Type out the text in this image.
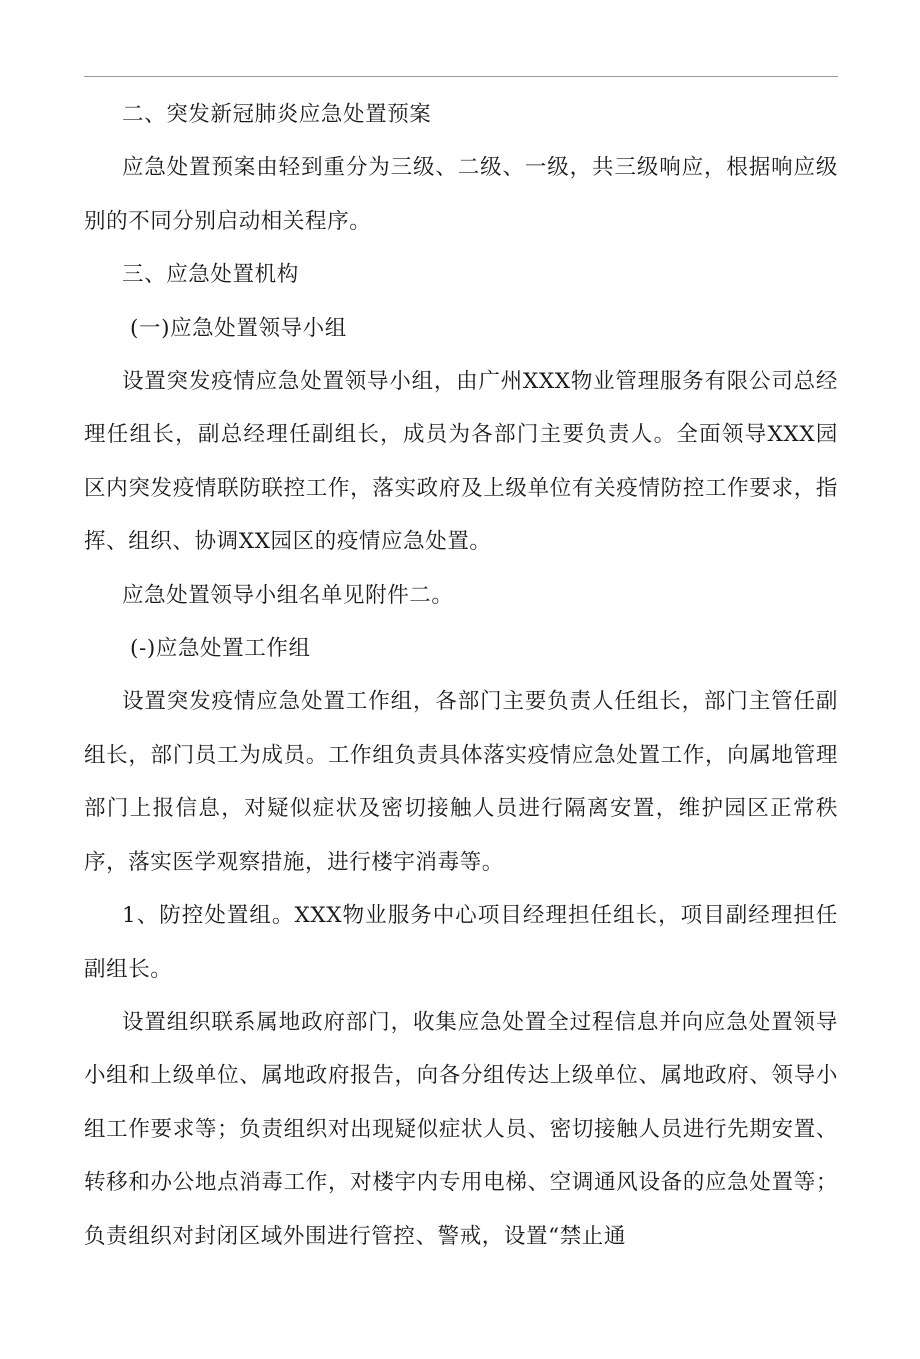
二、突发新冠肺炎应急处置预案

应急处置预案由轻到重分为三级、二级、一级，共三级响应，根据响应级别的不同分别启动相关程序。

三、应急处置机构

(一)应急处置领导小组

设置突发疫情应急处置领导小组，由广州XXX物业管理服务有限公司总经理任组长，副总经理任副组长，成员为各部门主要负责人。全面领导XXX园区内突发疫情联防联控工作，落实政府及上级单位有关疫情防控工作要求，指挥、组织、协调XX园区的疫情应急处置。

应急处置领导小组名单见附件二。

(-)应急处置工作组

设置突发疫情应急处置工作组，各部门主要负责人任组长，部门主管任副组长，部门员工为成员。工作组负责具体落实疫情应急处置工作，向属地管理部门上报信息，对疑似症状及密切接触人员进行隔离安置，维护园区正常秩序，落实医学观察措施，进行楼宇消毒等。

1、防控处置组。XXX物业服务中心项目经理担任组长，项目副经理担任副组长。

设置组织联系属地政府部门，收集应急处置全过程信息并向应急处置领导小组和上级单位、属地政府报告，向各分组传达上级单位、属地政府、领导小组工作要求等；负责组织对出现疑似症状人员、密切接触人员进行先期安置、转移和办公地点消毒工作，对楼宇内专用电梯、空调通风设备的应急处置等；负责组织对封闭区域外围进行管控、警戒，设置“禁止通
